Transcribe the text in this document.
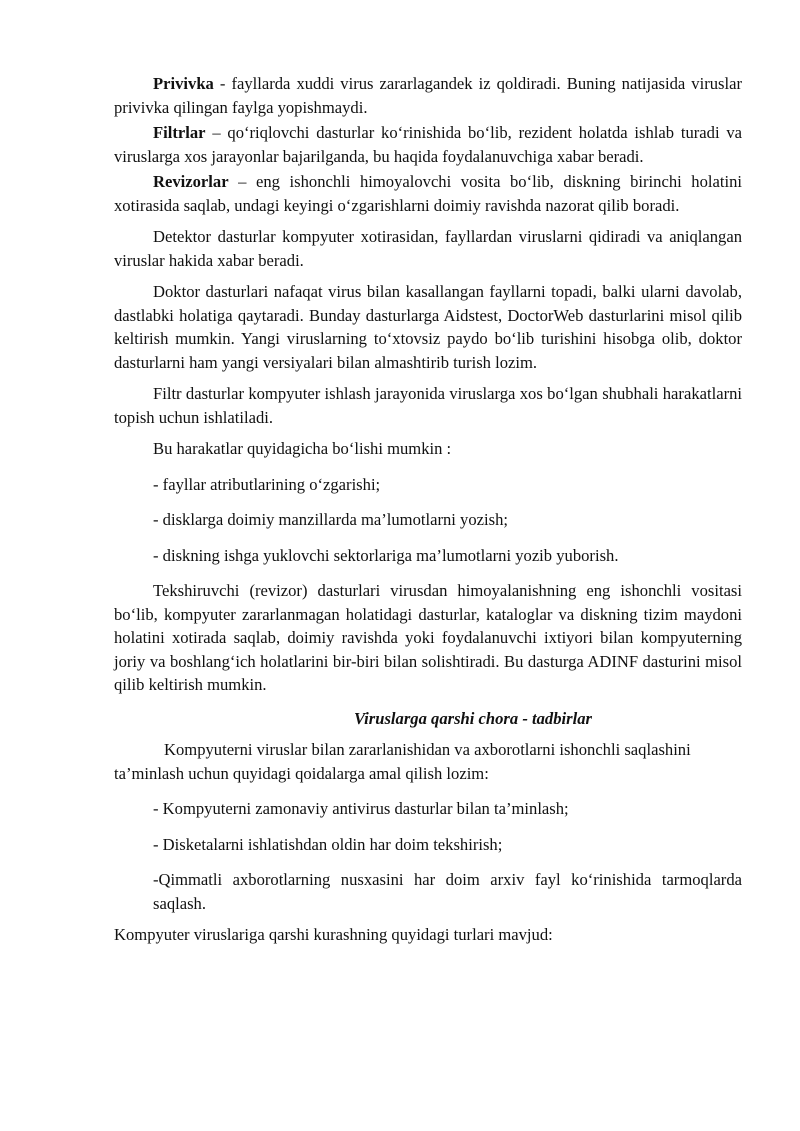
Privivka - fayllarda xuddi virus zararlagandek iz qoldiradi. Buning natijasida viruslar privivka qilingan faylga yopishmaydi.

Filtrlar – qo‘riqlovchi dasturlar ko‘rinishida bo‘lib, rezident holatda ishlab turadi va viruslarga xos jarayonlar bajarilganda, bu haqida foydalanuvchiga xabar beradi.

Revizorlar – eng ishonchli himoyalovchi vosita bo‘lib, diskning birinchi holatini xotirasida saqlab, undagi keyingi o‘zgarishlarni doimiy ravishda nazorat qilib boradi.

Detektor dasturlar kompyuter xotirasidan, fayllardan viruslarni qidiradi va aniqlangan viruslar hakida xabar beradi.

Doktor dasturlari nafaqat virus bilan kasallangan fayllarni topadi, balki ularni davolab, dastlabki holatiga qaytaradi. Bunday dasturlarga Aidstest, DoctorWeb dasturlarini misol qilib keltirish mumkin. Yangi viruslarning to‘xtovsiz paydo bo‘lib turishini hisobga olib, doktor dasturlarni ham yangi versiyalari bilan almashtirib turish lozim.

Filtr dasturlar kompyuter ishlash jarayonida viruslarga xos bo‘lgan shubhali harakatlarni topish uchun ishlatiladi.

Bu harakatlar quyidagicha bo‘lishi mumkin :

- fayllar atributlarining o‘zgarishi;

- disklarga doimiy manzillarda ma’lumotlarni yozish;

- diskning ishga yuklovchi sektorlariga ma’lumotlarni yozib yuborish.

Tekshiruvchi (revizor) dasturlari virusdan himoyalanishning eng ishonchli vositasi bo‘lib, kompyuter zararlanmagan holatidagi dasturlar, kataloglar va diskning tizim maydoni holatini xotirada saqlab, doimiy ravishda yoki foydalanuvchi ixtiyori bilan kompyuterning joriy va boshlang‘ich holatlarini bir-biri bilan solishtiradi. Bu dasturga ADINF dasturini misol qilib keltirish mumkin.

Viruslarga qarshi chora - tadbirlar

Kompyuterni viruslar bilan zararlanishidan va axborotlarni ishonchli saqlashini ta’minlash uchun quyidagi qoidalarga amal qilish lozim:

- Kompyuterni zamonaviy antivirus dasturlar bilan ta’minlash;

- Disketalarni ishlatishdan oldin har doim tekshirish;

-Qimmatli axborotlarning nusxasini har doim arxiv fayl ko‘rinishida tarmoqlarda saqlash.

Kompyuter viruslariga qarshi kurashning quyidagi turlari mavjud:
